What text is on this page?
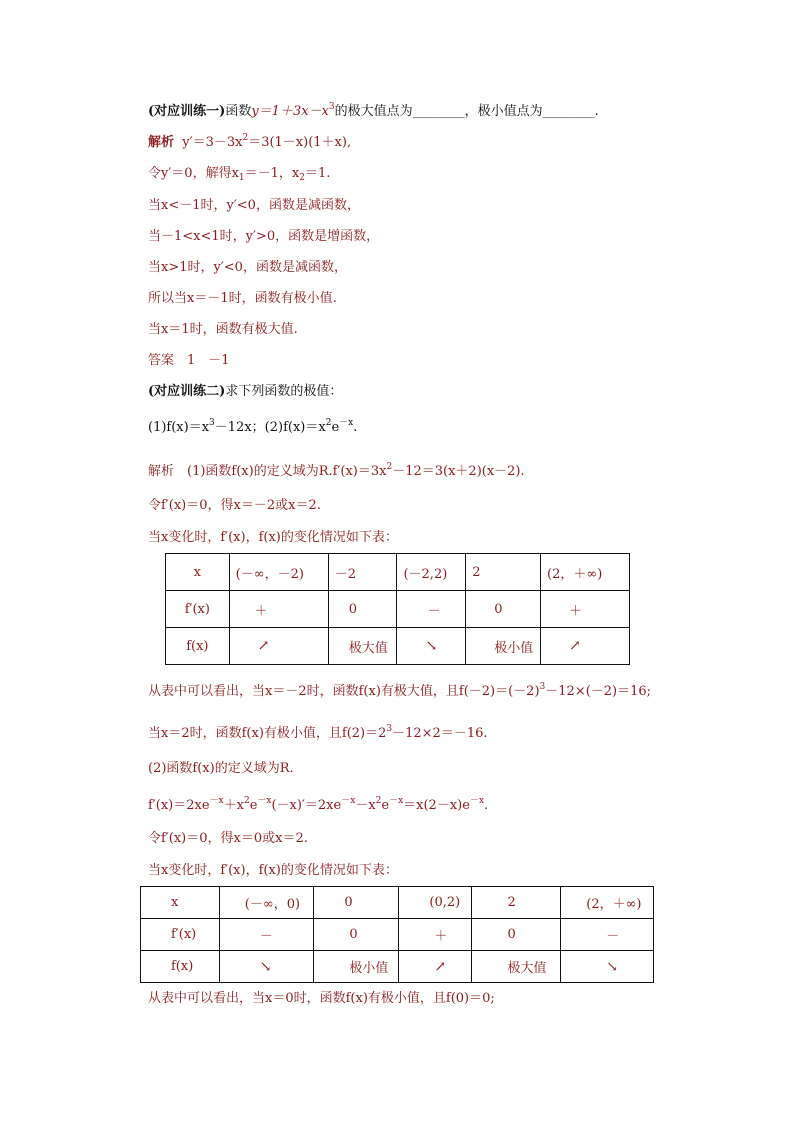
(对应训练一)函数$y=1+3x-x^3$的极大值点为________，极小值点为________.
解析 $y'=3-3x^2=3(1-x)(1+x)$,
令y′＝0，解得$x_1=-1$，$x_2=1$.
当x<－1时，y′<0，函数是减函数，
当－1<x<1时，y′>0，函数是增函数，
当x>1时，y′<0，函数是减函数，
所以当x＝－1时，函数有极小值.
当x＝1时，函数有极大值.
答案　1　－1
(对应训练二)求下列函数的极值：
$(1)f(x)=x^3-12x$；$(2)f(x)=x^2e^{-x}$.
解析　(1)函数f(x)的定义域为$R.f'(x)=3x^2-12=3(x+2)(x-2)$.
令f′(x)＝0，得x＝－2或x＝2.
当x变化时，f′(x)，f(x)的变化情况如下表：
x	(－∞，－2)	－2	(－2,2)	2	(2，＋∞)
f′(x)	＋	0	－	0	＋
f(x)	↗	极大值	↘	极小值	↗
从表中可以看出，当x＝－2时，函数f(x)有极大值，且$f(-2)=(-2)^3-12\times(-2)=16$;
当x＝2时，函数f(x)有极小值，且$f(2)=2^3-12\times 2=-16$.
(2)函数f(x)的定义域为R.
$f'(x)=2xe^{-x}+x^2e^{-x}(-x)'=2xe^{-x}-x^2e^{-x}=x(2-x)e^{-x}$.
令f′(x)＝0，得x＝0或x＝2.
当x变化时，f′(x)，f(x)的变化情况如下表：
x	(－∞，0)	0	(0,2)	2	(2，＋∞)
f′(x)	－	0	＋	0	－
f(x)	↘	极小值	↗	极大值	↘
从表中可以看出，当x＝0时，函数f(x)有极小值，且f(0)＝0;
